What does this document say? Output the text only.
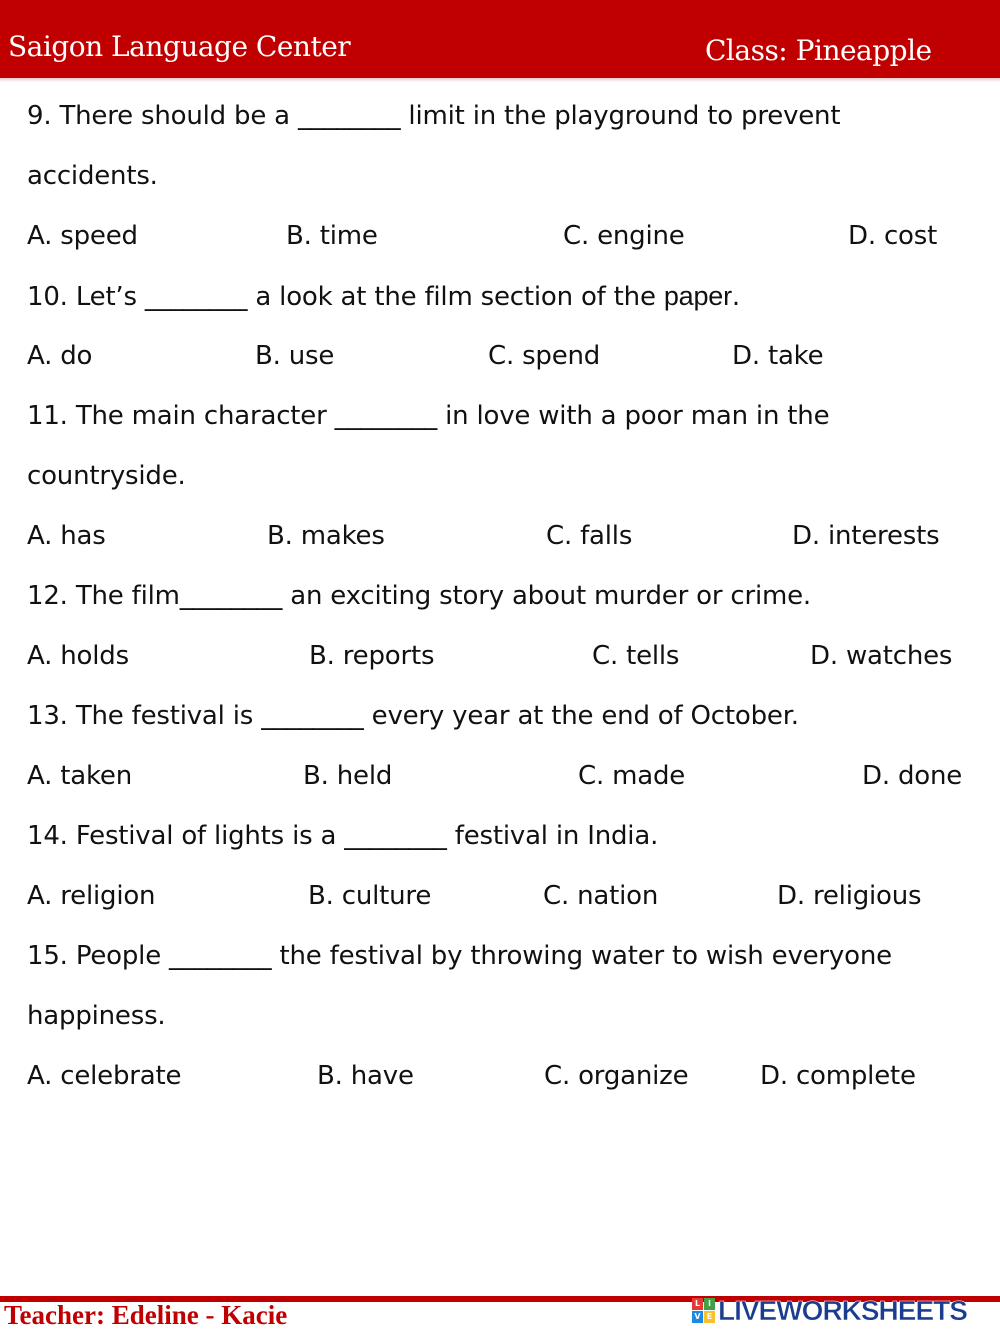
Saigon Language Center	Class: Pineapple
9. There should be a ________ limit in the playground to prevent
accidents.
A. speed	B. time	C. engine	D. cost
10. Let’s ________ a look at the film section of the paper.
A. do	B. use	C. spend	D. take
11. The main character ________ in love with a poor man in the
countryside.
A. has	B. makes	C. falls	D. interests
12. The film________ an exciting story about murder or crime.
A. holds	B. reports	C. tells	D. watches
13. The festival is ________ every year at the end of October.
A. taken	B. held	C. made	D. done
14. Festival of lights is a ________ festival in India.
A. religion	B. culture	C. nation	D. religious
15. People ________ the festival by throwing water to wish everyone
happiness.
A. celebrate	B. have	C. organize	D. complete
Teacher: Edeline - Kacie	L	i
V E LIVEWORKSHEETS
